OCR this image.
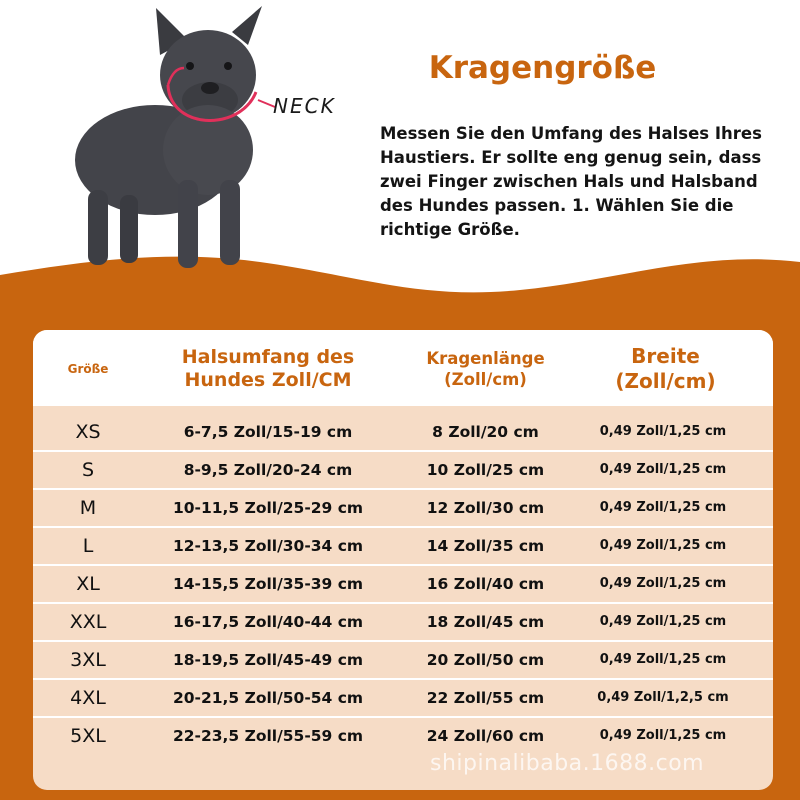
NECK
Kragengröße
Messen Sie den Umfang des Halses Ihres Haustiers. Er sollte eng genug sein, dass zwei Finger zwischen Hals und Halsband des Hundes passen. 1. Wählen Sie die richtige Größe.
Größe
Halsumfang des Hundes Zoll/CM
Kragenlänge (Zoll/cm)
Breite (Zoll/cm)
XS	6-7,5 Zoll/15-19 cm	8 Zoll/20 cm	0,49 Zoll/1,25 cm
S	8-9,5 Zoll/20-24 cm	10 Zoll/25 cm	0,49 Zoll/1,25 cm
M	10-11,5 Zoll/25-29 cm	12 Zoll/30 cm	0,49 Zoll/1,25 cm
L	12-13,5 Zoll/30-34 cm	14 Zoll/35 cm	0,49 Zoll/1,25 cm
XL	14-15,5 Zoll/35-39 cm	16 Zoll/40 cm	0,49 Zoll/1,25 cm
XXL	16-17,5 Zoll/40-44 cm	18 Zoll/45 cm	0,49 Zoll/1,25 cm
3XL	18-19,5 Zoll/45-49 cm	20 Zoll/50 cm	0,49 Zoll/1,25 cm
4XL	20-21,5 Zoll/50-54 cm	22 Zoll/55 cm	0,49 Zoll/1,2,5 cm
5XL	22-23,5 Zoll/55-59 cm	24 Zoll/60 cm	0,49 Zoll/1,25 cm
shipinalibaba.1688.com
